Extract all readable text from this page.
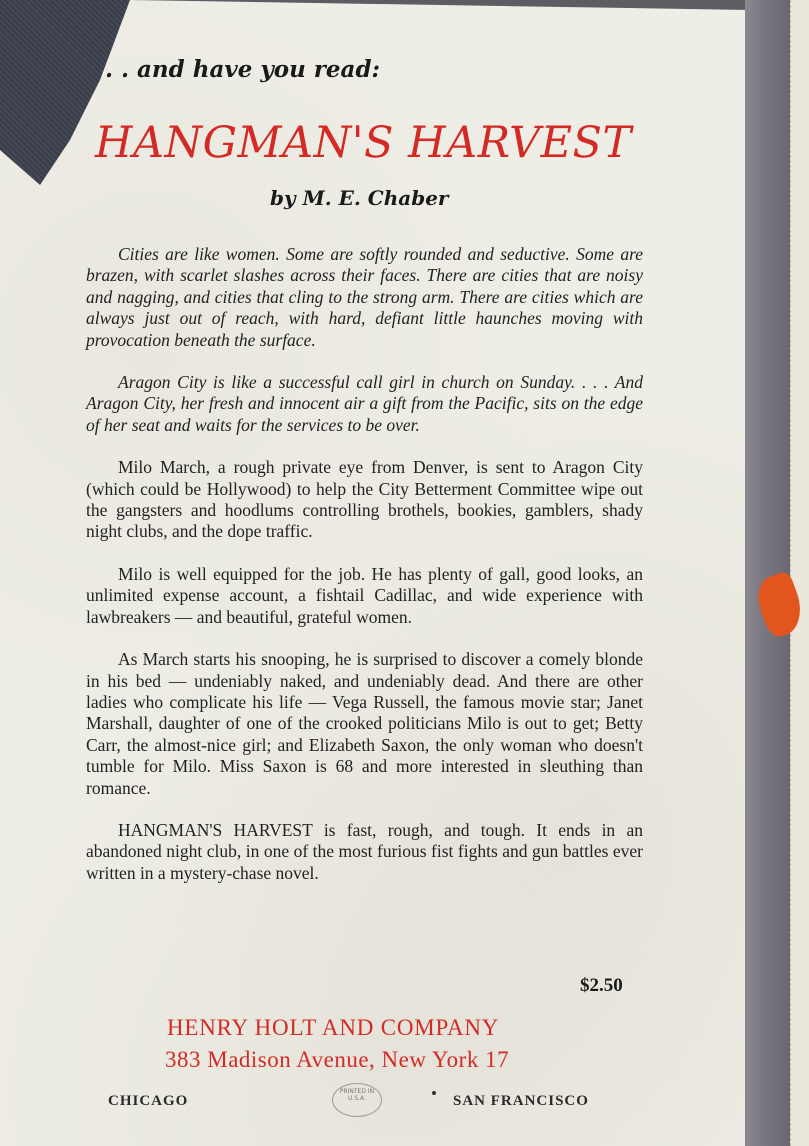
. . and have you read:

HANGMAN'S HARVEST

by M. E. Chaber

Cities are like women. Some are softly rounded and seductive. Some are brazen, with scarlet slashes across their faces. There are cities that are noisy and nagging, and cities that cling to the strong arm. There are cities which are always just out of reach, with hard, defiant little haunches moving with provocation beneath the surface.

Aragon City is like a successful call girl in church on Sunday. . . . And Aragon City, her fresh and innocent air a gift from the Pacific, sits on the edge of her seat and waits for the services to be over.

Milo March, a rough private eye from Denver, is sent to Aragon City (which could be Hollywood) to help the City Betterment Committee wipe out the gangsters and hoodlums controlling brothels, bookies, gamblers, shady night clubs, and the dope traffic.

Milo is well equipped for the job. He has plenty of gall, good looks, an unlimited expense account, a fishtail Cadillac, and wide experience with lawbreakers — and beautiful, grateful women.

As March starts his snooping, he is surprised to discover a comely blonde in his bed — undeniably naked, and undeniably dead. And there are other ladies who complicate his life — Vega Russell, the famous movie star; Janet Marshall, daughter of one of the crooked politicians Milo is out to get; Betty Carr, the almost-nice girl; and Elizabeth Saxon, the only woman who doesn't tumble for Milo. Miss Saxon is 68 and more interested in sleuthing than romance.

HANGMAN'S HARVEST is fast, rough, and tough. It ends in an abandoned night club, in one of the most furious fist fights and gun battles ever written in a mystery-chase novel.

$2.50

HENRY HOLT AND COMPANY

383 Madison Avenue, New York 17

CHICAGO

PRINTED IN U.S.A.	SAN FRANCISCO
